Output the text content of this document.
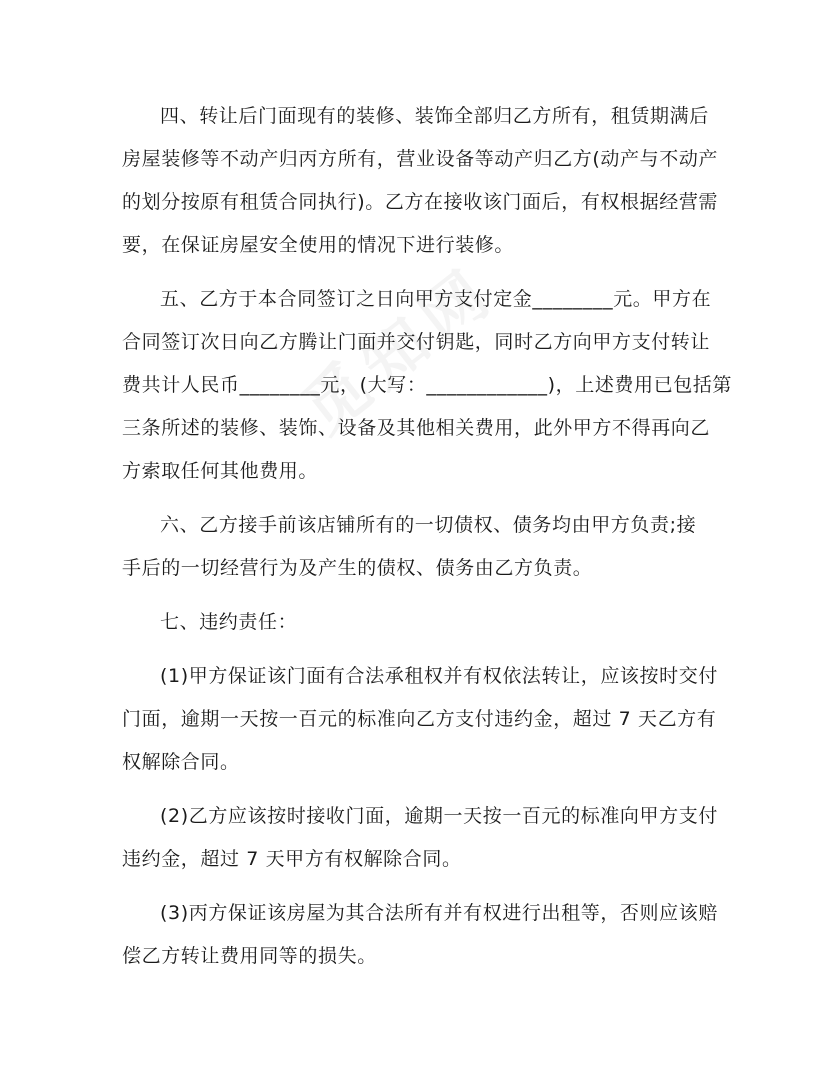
四、转让后门面现有的装修、装饰全部归乙方所有，租赁期满后

房屋装修等不动产归丙方所有，营业设备等动产归乙方(动产与不动产

的划分按原有租赁合同执行)。乙方在接收该门面后，有权根据经营需

要，在保证房屋安全使用的情况下进行装修。

五、乙方于本合同签订之日向甲方支付定金________元。甲方在

合同签订次日向乙方腾让门面并交付钥匙，同时乙方向甲方支付转让

费共计人民币________元，(大写：____________)，上述费用已包括第

三条所述的装修、装饰、设备及其他相关费用，此外甲方不得再向乙

方索取任何其他费用。

六、乙方接手前该店铺所有的一切债权、债务均由甲方负责;接

手后的一切经营行为及产生的债权、债务由乙方负责。

七、违约责任：

(1)甲方保证该门面有合法承租权并有权依法转让，应该按时交付

门面，逾期一天按一百元的标准向乙方支付违约金，超过 7 天乙方有

权解除合同。

(2)乙方应该按时接收门面，逾期一天按一百元的标准向甲方支付

违约金，超过 7 天甲方有权解除合同。

(3)丙方保证该房屋为其合法所有并有权进行出租等，否则应该赔

偿乙方转让费用同等的损失。
